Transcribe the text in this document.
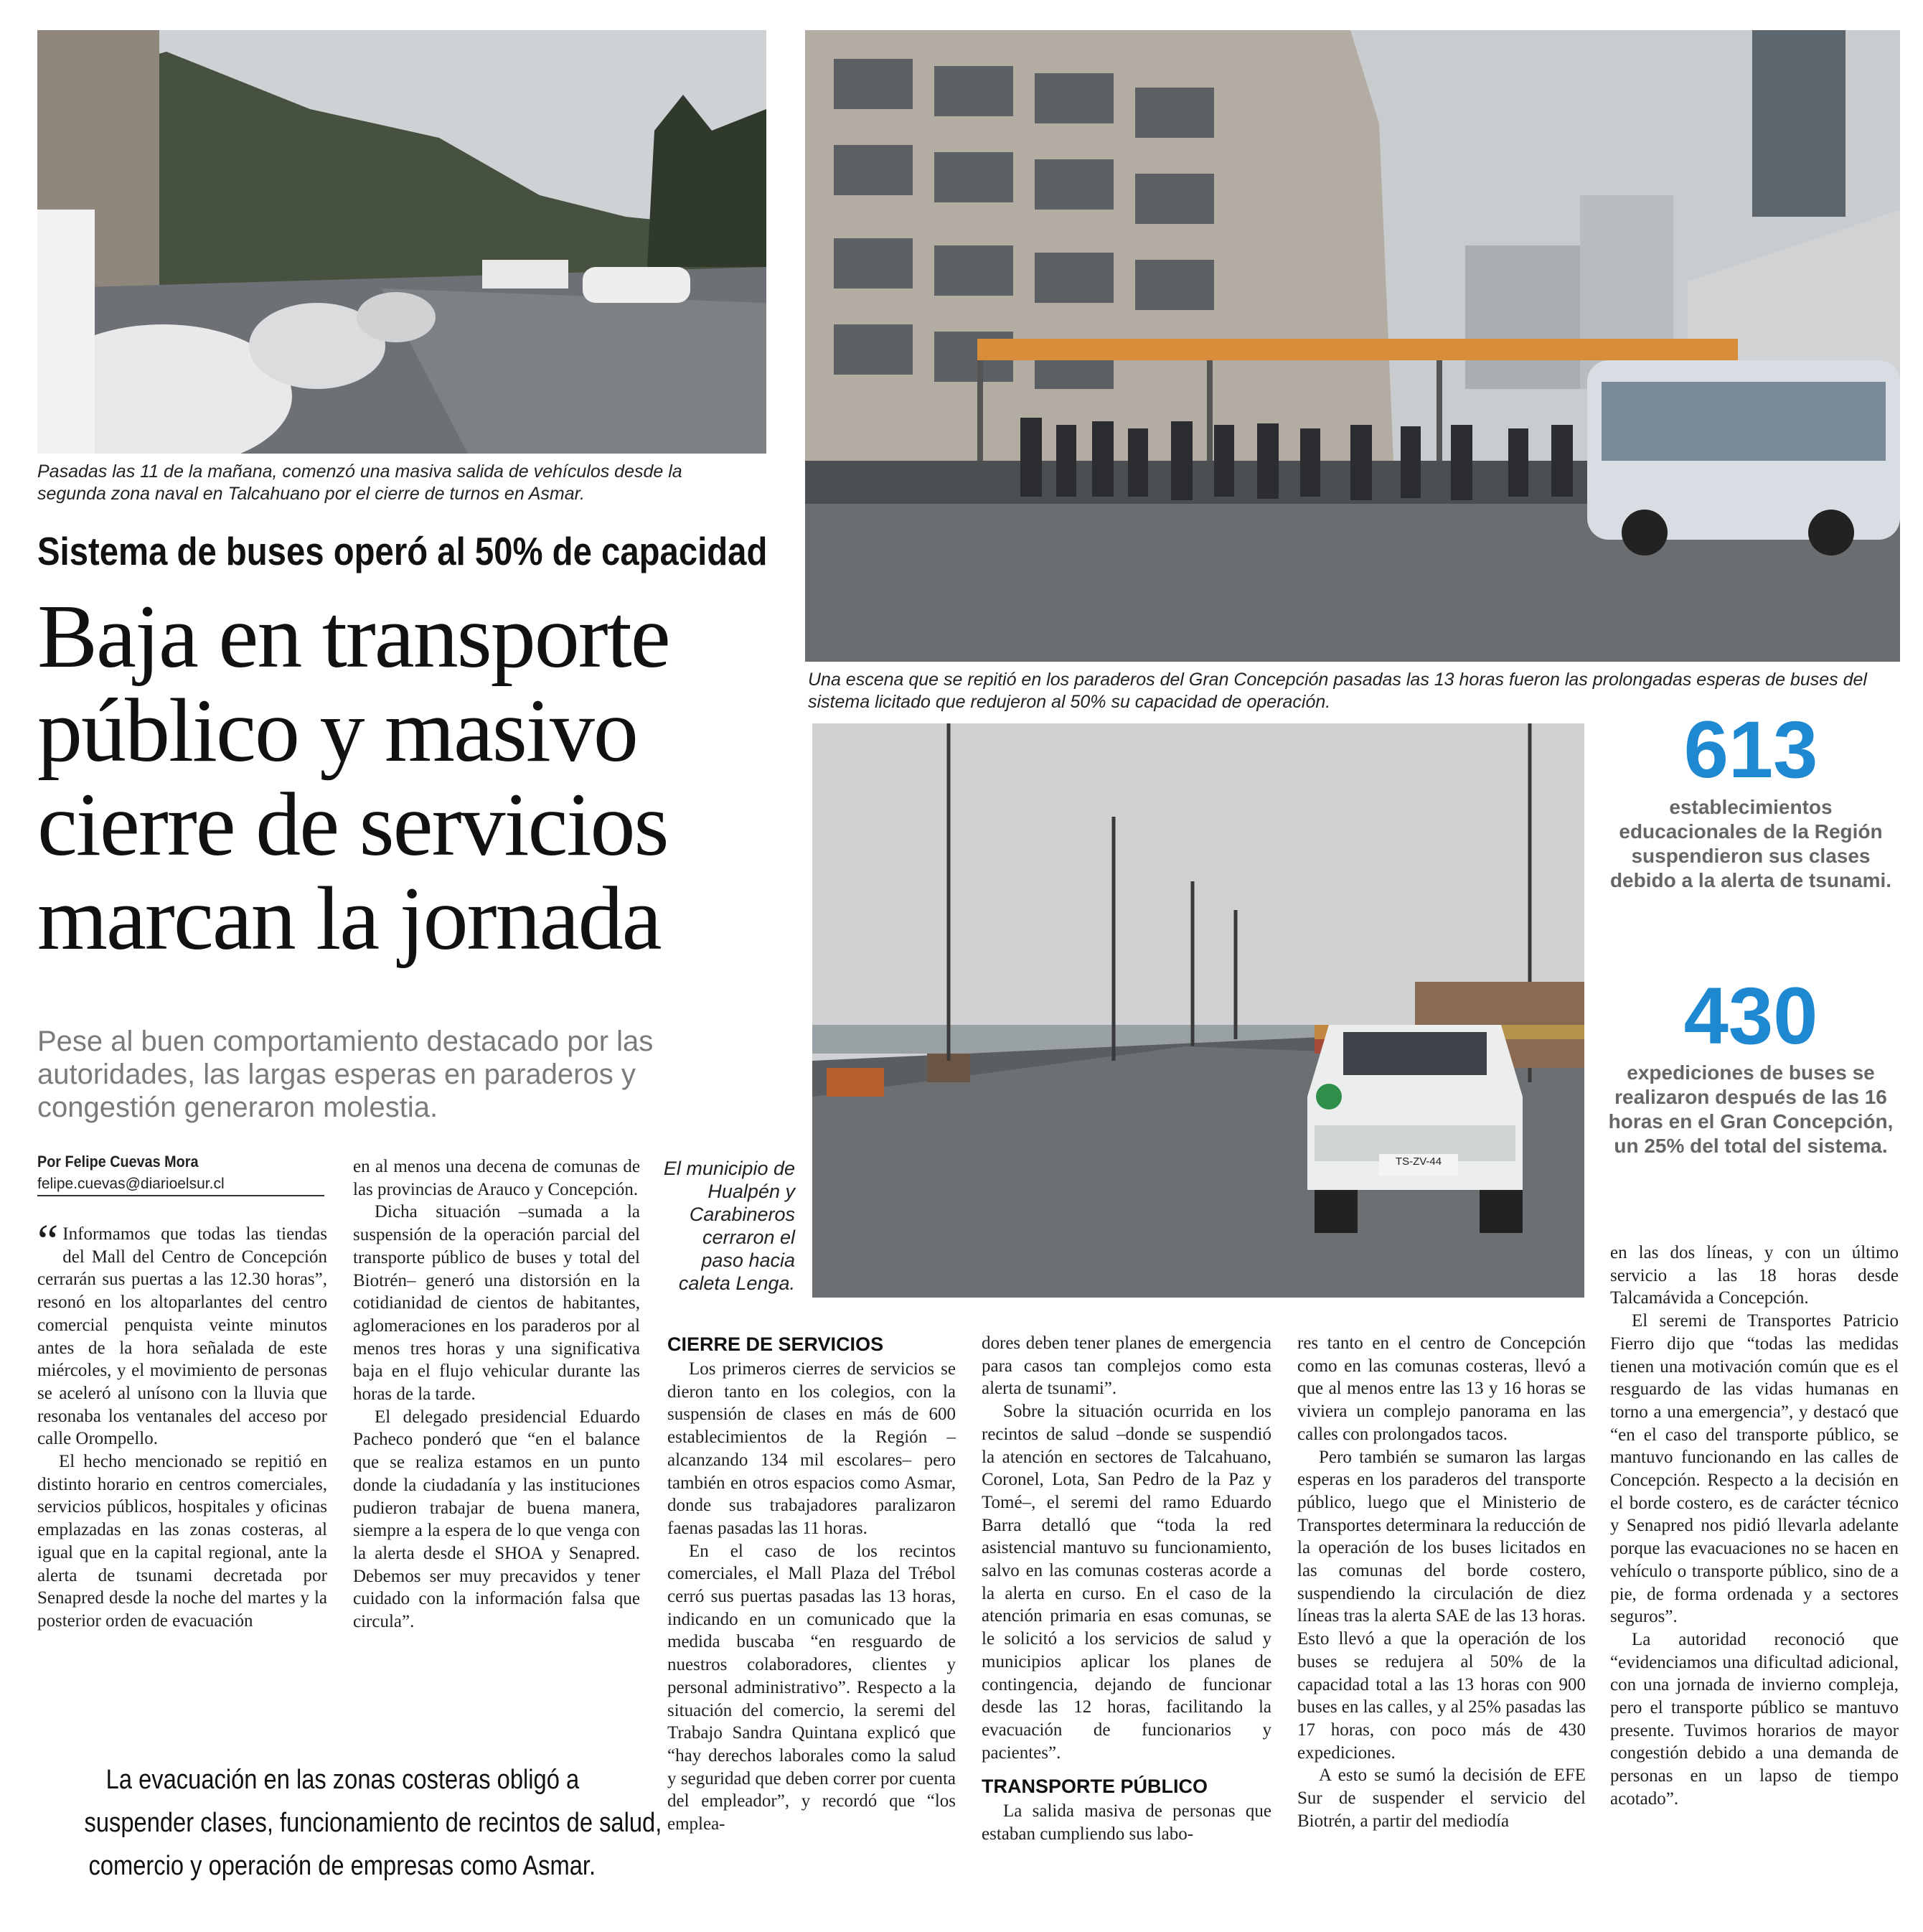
Pasadas las 11 de la mañana, comenzó una masiva salida de vehículos desde la segunda zona naval en Talcahuano por el cierre de turnos en Asmar.
Una escena que se repitió en los paraderos del Gran Concepción pasadas las 13 horas fueron las prolongadas esperas de buses del sistema licitado que redujeron al 50% su capacidad de operación.
TS-ZV-44
El municipio de Hualpén y Carabineros cerraron el paso hacia caleta Lenga.
Sistema de buses operó al 50% de capacidad
Baja en transporte público y masivo cierre de servicios marcan la jornada
Pese al buen comportamiento destacado por las autoridades, las largas esperas en paraderos y congestión generaron molestia.
Por Felipe Cuevas Mora
felipe.cuevas@diarioelsur.cl
613
establecimientos educacionales de la Región suspendieron sus clases debido a la alerta de tsunami.
430
expediciones de buses se realizaron después de las 16 horas en el Gran Concepción, un 25% del total del sistema.

“ Informamos que todas las tiendas del Mall del Centro de Concepción cerrarán sus puertas a las 12.30 horas”, resonó en los altoparlantes del centro comercial penquista veinte minutos antes de la hora señalada de este miércoles, y el movimiento de personas se aceleró al unísono con la lluvia que resonaba los ventanales del acceso por calle Orompello.

El hecho mencionado se repitió en distinto horario en centros comerciales, servicios públicos, hospitales y oficinas emplazadas en las zonas costeras, al igual que en la capital regional, ante la alerta de tsunami decretada por Senapred desde la noche del martes y la posterior orden de evacuación

en al menos una decena de comunas de las provincias de Arauco y Concepción.

Dicha situación –sumada a la suspensión de la operación parcial del transporte público de buses y total del Biotrén– generó una distorsión en la cotidianidad de cientos de habitantes, aglomeraciones en los paraderos por al menos tres horas y una significativa baja en el flujo vehicular durante las horas de la tarde.

El delegado presidencial Eduardo Pacheco ponderó que “en el balance que se realiza estamos en un punto donde la ciudadanía y las instituciones pudieron trabajar de buena manera, siempre a la espera de lo que venga con la alerta desde el SHOA y Senapred. Debemos ser muy precavidos y tener cuidado con la información falsa que circula”.

CIERRE DE SERVICIOS

Los primeros cierres de servicios se dieron tanto en los colegios, con la suspensión de clases en más de 600 establecimientos de la Región –alcanzando 134 mil escolares– pero también en otros espacios como Asmar, donde sus trabajadores paralizaron faenas pasadas las 11 horas.

En el caso de los recintos comerciales, el Mall Plaza del Trébol cerró sus puertas pasadas las 13 horas, indicando en un comunicado que la medida buscaba “en resguardo de nuestros colaboradores, clientes y personal administrativo”. Respecto a la situación del comercio, la seremi del Trabajo Sandra Quintana explicó que “hay derechos laborales como la salud y seguridad que deben correr por cuenta del empleador”, y recordó que “los emplea-

dores deben tener planes de emergencia para casos tan complejos como esta alerta de tsunami”.

Sobre la situación ocurrida en los recintos de salud –donde se suspendió la atención en sectores de Talcahuano, Coronel, Lota, San Pedro de la Paz y Tomé–, el seremi del ramo Eduardo Barra detalló que “toda la red asistencial mantuvo su funcionamiento, salvo en las comunas costeras acorde a la alerta en curso. En el caso de la atención primaria en esas comunas, se le solicitó a los servicios de salud y municipios aplicar los planes de contingencia, dejando de funcionar desde las 12 horas, facilitando la evacuación de funcionarios y pacientes”.

TRANSPORTE PÚBLICO

La salida masiva de personas que estaban cumpliendo sus labo-

res tanto en el centro de Concepción como en las comunas costeras, llevó a que al menos entre las 13 y 16 horas se viviera un complejo panorama en las calles con prolongados tacos.

Pero también se sumaron las largas esperas en los paraderos del transporte público, luego que el Ministerio de Transportes determinara la reducción de la operación de los buses licitados en las comunas del borde costero, suspendiendo la circulación de diez líneas tras la alerta SAE de las 13 horas. Esto llevó a que la operación de los buses se redujera al 50% de la capacidad total a las 13 horas con 900 buses en las calles, y al 25% pasadas las 17 horas, con poco más de 430 expediciones.

A esto se sumó la decisión de EFE Sur de suspender el servicio del Biotrén, a partir del mediodía

en las dos líneas, y con un último servicio a las 18 horas desde Talcamávida a Concepción.

El seremi de Transportes Patricio Fierro dijo que “todas las medidas tienen una motivación común que es el resguardo de las vidas humanas en torno a una emergencia”, y destacó que “en el caso del transporte público, se mantuvo funcionando en las calles de Concepción. Respecto a la decisión en el borde costero, es de carácter técnico y Senapred nos pidió llevarla adelante porque las evacuaciones no se hacen en vehículo o transporte público, sino de a pie, de forma ordenada y a sectores seguros”.

La autoridad reconoció que “evidenciamos una dificultad adicional, con una jornada de invierno compleja, pero el transporte público se mantuvo presente. Tuvimos horarios de mayor congestión debido a una demanda de personas en un lapso de tiempo acotado”.

La evacuación en las zonas costeras obligó a
suspender clases, funcionamiento de recintos de salud,
comercio y operación de empresas como Asmar.
